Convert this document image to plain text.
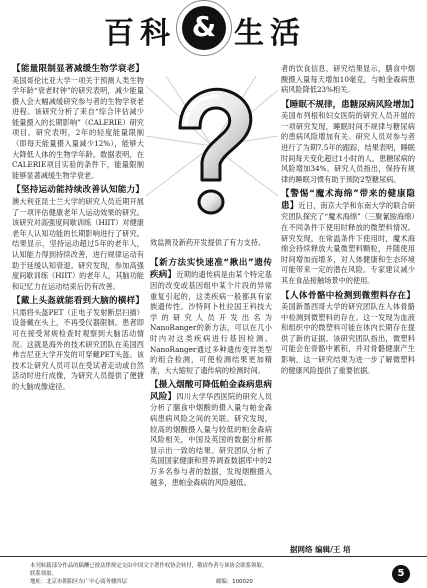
百科 & 生活
【能量限制显著减缓生物学衰老】美国哥伦比亚大学一项关于预测人类生物学年龄“衰老时钟”的研究表明，减少能量摄入会大幅减缓研究参与者的生物学衰老进程。该研究分析了来自“综合评估减少能量摄入的长期影响”（CALERIE）研究项目。研究表明，2年的轻度能量限制（即每天能量摄入量减少12%），能够大大降低人体的生物学年龄。数据表明，在CALERIE项目实验的条件下，能量限制能够显著减缓生物学衰老。
【坚持运动能持续改善认知能力】澳大利亚昆士兰大学的研究人员近期开展了一项评估健康老年人运动效果的研究。该研究对高强度间歇训练（HIIT）对健康老年人认知功能的长期影响进行了研究。结果显示，坚持运动超过5年的老年人，认知能力得到持续改善，进行规律运动有助于延缓认知衰退。研究发现，参加高强度间歇训练（HIIT）的老年人，其脑功能和记忆力在运动结束后仍有改善。
【戴上头盔就能看到大脑的横样】只需将头盔PET（正电子发射断层扫描）设备戴在头上，不再受仪器限制。患者即可在接受常规检查时观察到大脑活动情况。这就是海外的技术研究团队在美国西弗吉尼亚大学开发的可穿戴PET头盔。该技术让研究人员可以在受试者走动或自然活动时进行成像，为研究人员提供了便捷的大脑成像途径。
效监测及新药开发提供了有力支持。
【新方法实快速准“揪出”遗传疾病】近期的遗传病是由某个特定基因的改变或基因组中某个片段的异常重复引起的，这类疾病一般都具有家族遗传性。沙特阿卜杜拉国王科技大学的研究人员开发出名为NanoRanger的新方法，可以在几小时内对这类疾病进行基因检测。NanoRanger通过多种遗传变异类型的组合检测，可使检测结果更加精准，大大缩短了遗传病的检测时间。
【摄入烟酸可降低帕金森病患病风险】四川大学华西医院的研究人员分析了膳食中烟酸的摄入量与帕金森病患病风险之间的关联。研究发现，较高的烟酸摄入量与较低的帕金森病风险相关，中国及英国的数据分析都显示出一致的结果。研究团队分析了英国国家健康和营养调查数据库中的2万多名参与者的数据，发现烟酸摄入越多，患帕金森病的风险越低。
者的饮食信息，研究结果显示，膳食中烟酸摄入量每天增加10毫克，与帕金森病患病风险降低23%相关。
【睡眠不规律，患糖尿病风险增加】美国布列根和妇女医院的研究人员开展的一项研究发现，睡眠时间不规律与糖尿病的患病风险增加有关。研究人员对参与者进行了为期7.5年的跟踪，结果表明，睡眠时间每天变化超过1小时的人，患糖尿病的风险增加34%。研究人员指出，保持有规律的睡眠习惯有助于预防2型糖尿病。
【警惕“魔术海绵”带来的健康隐患】近日，南京大学和东南大学的联合研究团队探究了“魔术海绵”（三聚氰胺海绵）在不同条件下使用时释放的微塑料情况。研究发现，在常温条件下使用时，魔术海绵会持续释放大量微塑料颗粒，并随使用时间增加而增多，对人体健康和生态环境可能带来一定的潜在风险。专家建议减少其在食品接触场景中的使用。
【人体骨骼中检测到微塑料存在】美国新墨西哥大学的研究团队在人体骨骼中检测到微塑料的存在。这一发现为血液和组织中的微塑料可能在体内长期存在提供了新的证据。该研究团队指出，微塑料可能会在骨骼中累积，并对骨骼健康产生影响，这一研究结果为进一步了解微塑料的健康风险提供了重要依据。
据网络 编辑/王 培
本刊转载部分作品的稿酬已按法律规定交由中国文字著作权协会转付，敬请作者与该协会联系领取。
联系领取。
地址：北京市朝阳区东广中心商务楼四层	邮编：100020
5
